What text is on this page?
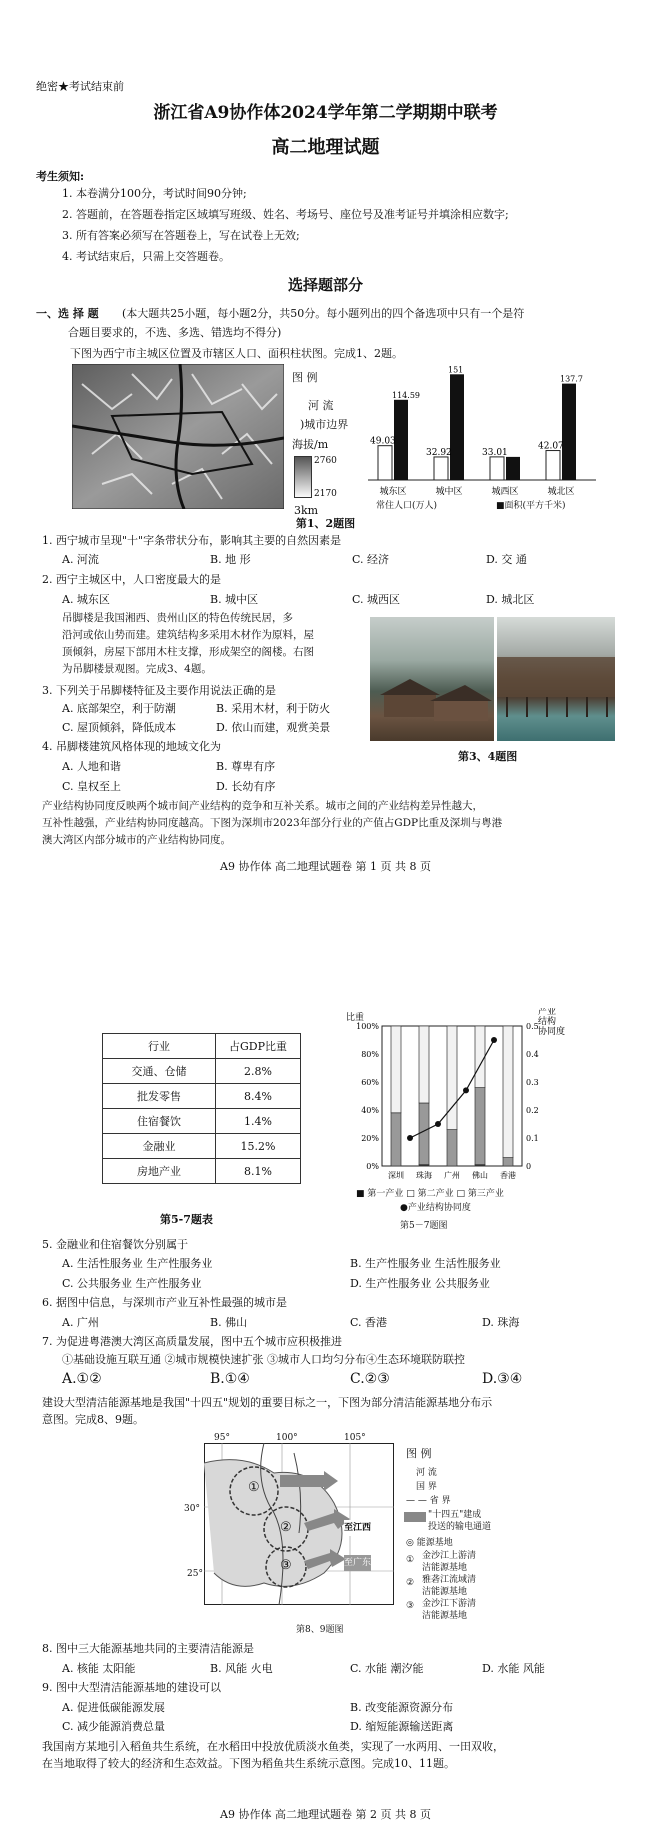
绝密★考试结束前
浙江省A9协作体2024学年第二学期期中联考
高二地理试题
考生须知:
1. 本卷满分100分，考试时间90分钟;
2. 答题前，在答题卷指定区域填写班级、姓名、考场号、座位号及准考证号并填涂相应数字;
3. 所有答案必须写在答题卷上，写在试卷上无效;
4. 考试结束后，只需上交答题卷。
选择题部分
一、选 择 题 (本大题共25小题，每小题2分，共50分。每小题列出的四个备选项中只有一个是符
合题目要求的，不选、多选、错选均不得分)
下图为西宁市主城区位置及市辖区人口、面积柱状图。完成1、2题。
图 例
河 流
)城市边界
海拔/m
2760
2170
3km
49.03
114.59
城东区
32.92
151
城中区
33.01
城西区
42.07
137.7
城北区
常住人口(万人)	■面积(平方千米)
第1、2题图
1. 西宁城市呈现"十"字条带状分布，影响其主要的自然因素是
A. 河流	B. 地 形	C. 经济	D. 交 通
2. 西宁主城区中，人口密度最大的是
A. 城东区	B. 城中区	C. 城西区	D. 城北区
吊脚楼是我国湘西、贵州山区的特色传统民居，多
沿河或依山势而建。建筑结构多采用木材作为原料，屋
顶倾斜，房屋下部用木柱支撑，形成架空的阁楼。右图
为吊脚楼景观图。完成3、4题。
3. 下列关于吊脚楼特征及主要作用说法正确的是
A. 底部架空，利于防潮	B. 采用木材，利于防火
C. 屋顶倾斜，降低成本	D. 依山而建，观赏美景
4. 吊脚楼建筑风格体现的地域文化为
第3、4题图
A. 人地和谐	B. 尊卑有序
C. 皇权至上	D. 长幼有序
产业结构协同度反映两个城市间产业结构的竞争和互补关系。城市之间的产业结构差异性越大，
互补性越强，产业结构协同度越高。下图为深圳市2023年部分行业的产值占GDP比重及深圳与粤港
澳大湾区内部分城市的产业结构协同度。
A9 协作体 高二地理试题卷 第 1 页 共 8 页
行业	占GDP比重
交通、仓储	2.8%
批发零售	8.4%
住宿餐饮	1.4%
金融业	15.2%
房地产业	8.1%
第5-7题表
比重
产业
结构
协同度
100%
80%
60%
40%
20%
0%
0.5
0.4
0.3
0.2
0.1
0
深圳 珠海 广州 佛山 香港
■ 第一产业 □ 第二产业 □ 第三产业
●产业结构协同度
第5－7题图
5. 金融业和住宿餐饮分别属于
A. 生活性服务业 生产性服务业	B. 生产性服务业 生活性服务业
C. 公共服务业 生产性服务业	D. 生产性服务业 公共服务业
6. 据图中信息，与深圳市产业互补性最强的城市是
A. 广州	B. 佛山	C. 香港	D. 珠海
7. 为促进粤港澳大湾区高质量发展，图中五个城市应积极推进
①基础设施互联互通 ②城市规模快速扩张 ③城市人口均匀分布④生态环境联防联控
A.①②	B.①④	C.②③	D.③④
建设大型清洁能源基地是我国"十四五"规划的重要目标之一，下图为部分清洁能源基地分布示
意图。完成8、9题。
95°	100°	105°
30°
25°
①
②
③
至江西
至广东
图 例
河 流
国 界
— — 省 界
"十四五"建成
投送的输电通道
◎ 能源基地
① 金沙江上游清
洁能源基地
② 雅砻江流域清
洁能源基地
③ 金沙江下游清
洁能源基地
第8、9题图
8. 图中三大能源基地共同的主要清洁能源是
A. 核能 太阳能	B. 风能 火电	C. 水能 潮汐能	D. 水能 风能
9. 图中大型清洁能源基地的建设可以
A. 促进低碳能源发展	B. 改变能源资源分布
C. 减少能源消费总量	D. 缩短能源输送距离
我国南方某地引入稻鱼共生系统，在水稻田中投放优质淡水鱼类，实现了一水两用、一田双收，
在当地取得了较大的经济和生态效益。下图为稻鱼共生系统示意图。完成10、11题。
A9 协作体 高二地理试题卷 第 2 页 共 8 页
